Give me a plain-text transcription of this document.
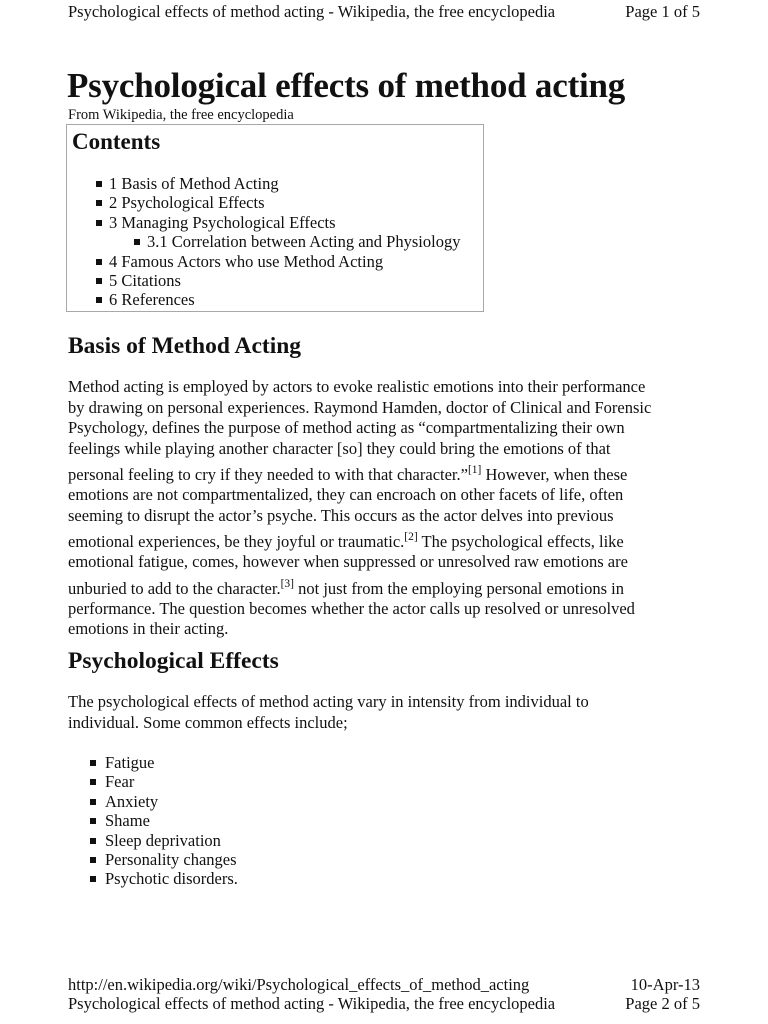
Psychological effects of method acting - Wikipedia, the free encyclopedia	Page 1 of 5
Psychological effects of method acting
From Wikipedia, the free encyclopedia
Contents
1 Basis of Method Acting
2 Psychological Effects
3 Managing Psychological Effects
3.1 Correlation between Acting and Physiology
4 Famous Actors who use Method Acting
5 Citations
6 References
Basis of Method Acting
Method acting is employed by actors to evoke realistic emotions into their performance
by drawing on personal experiences. Raymond Hamden, doctor of Clinical and Forensic
Psychology, defines the purpose of method acting as “compartmentalizing their own
feelings while playing another character [so] they could bring the emotions of that
personal feeling to cry if they needed to with that character.”[1] However, when these
emotions are not compartmentalized, they can encroach on other facets of life, often
seeming to disrupt the actor’s psyche. This occurs as the actor delves into previous
emotional experiences, be they joyful or traumatic.[2] The psychological effects, like
emotional fatigue, comes, however when suppressed or unresolved raw emotions are
unburied to add to the character.[3] not just from the employing personal emotions in
performance. The question becomes whether the actor calls up resolved or unresolved
emotions in their acting.
Psychological Effects
The psychological effects of method acting vary in intensity from individual to
individual. Some common effects include;
Fatigue
Fear
Anxiety
Shame
Sleep deprivation
Personality changes
Psychotic disorders.
http://en.wikipedia.org/wiki/Psychological_effects_of_method_acting	10-Apr-13
Psychological effects of method acting - Wikipedia, the free encyclopedia	Page 2 of 5
